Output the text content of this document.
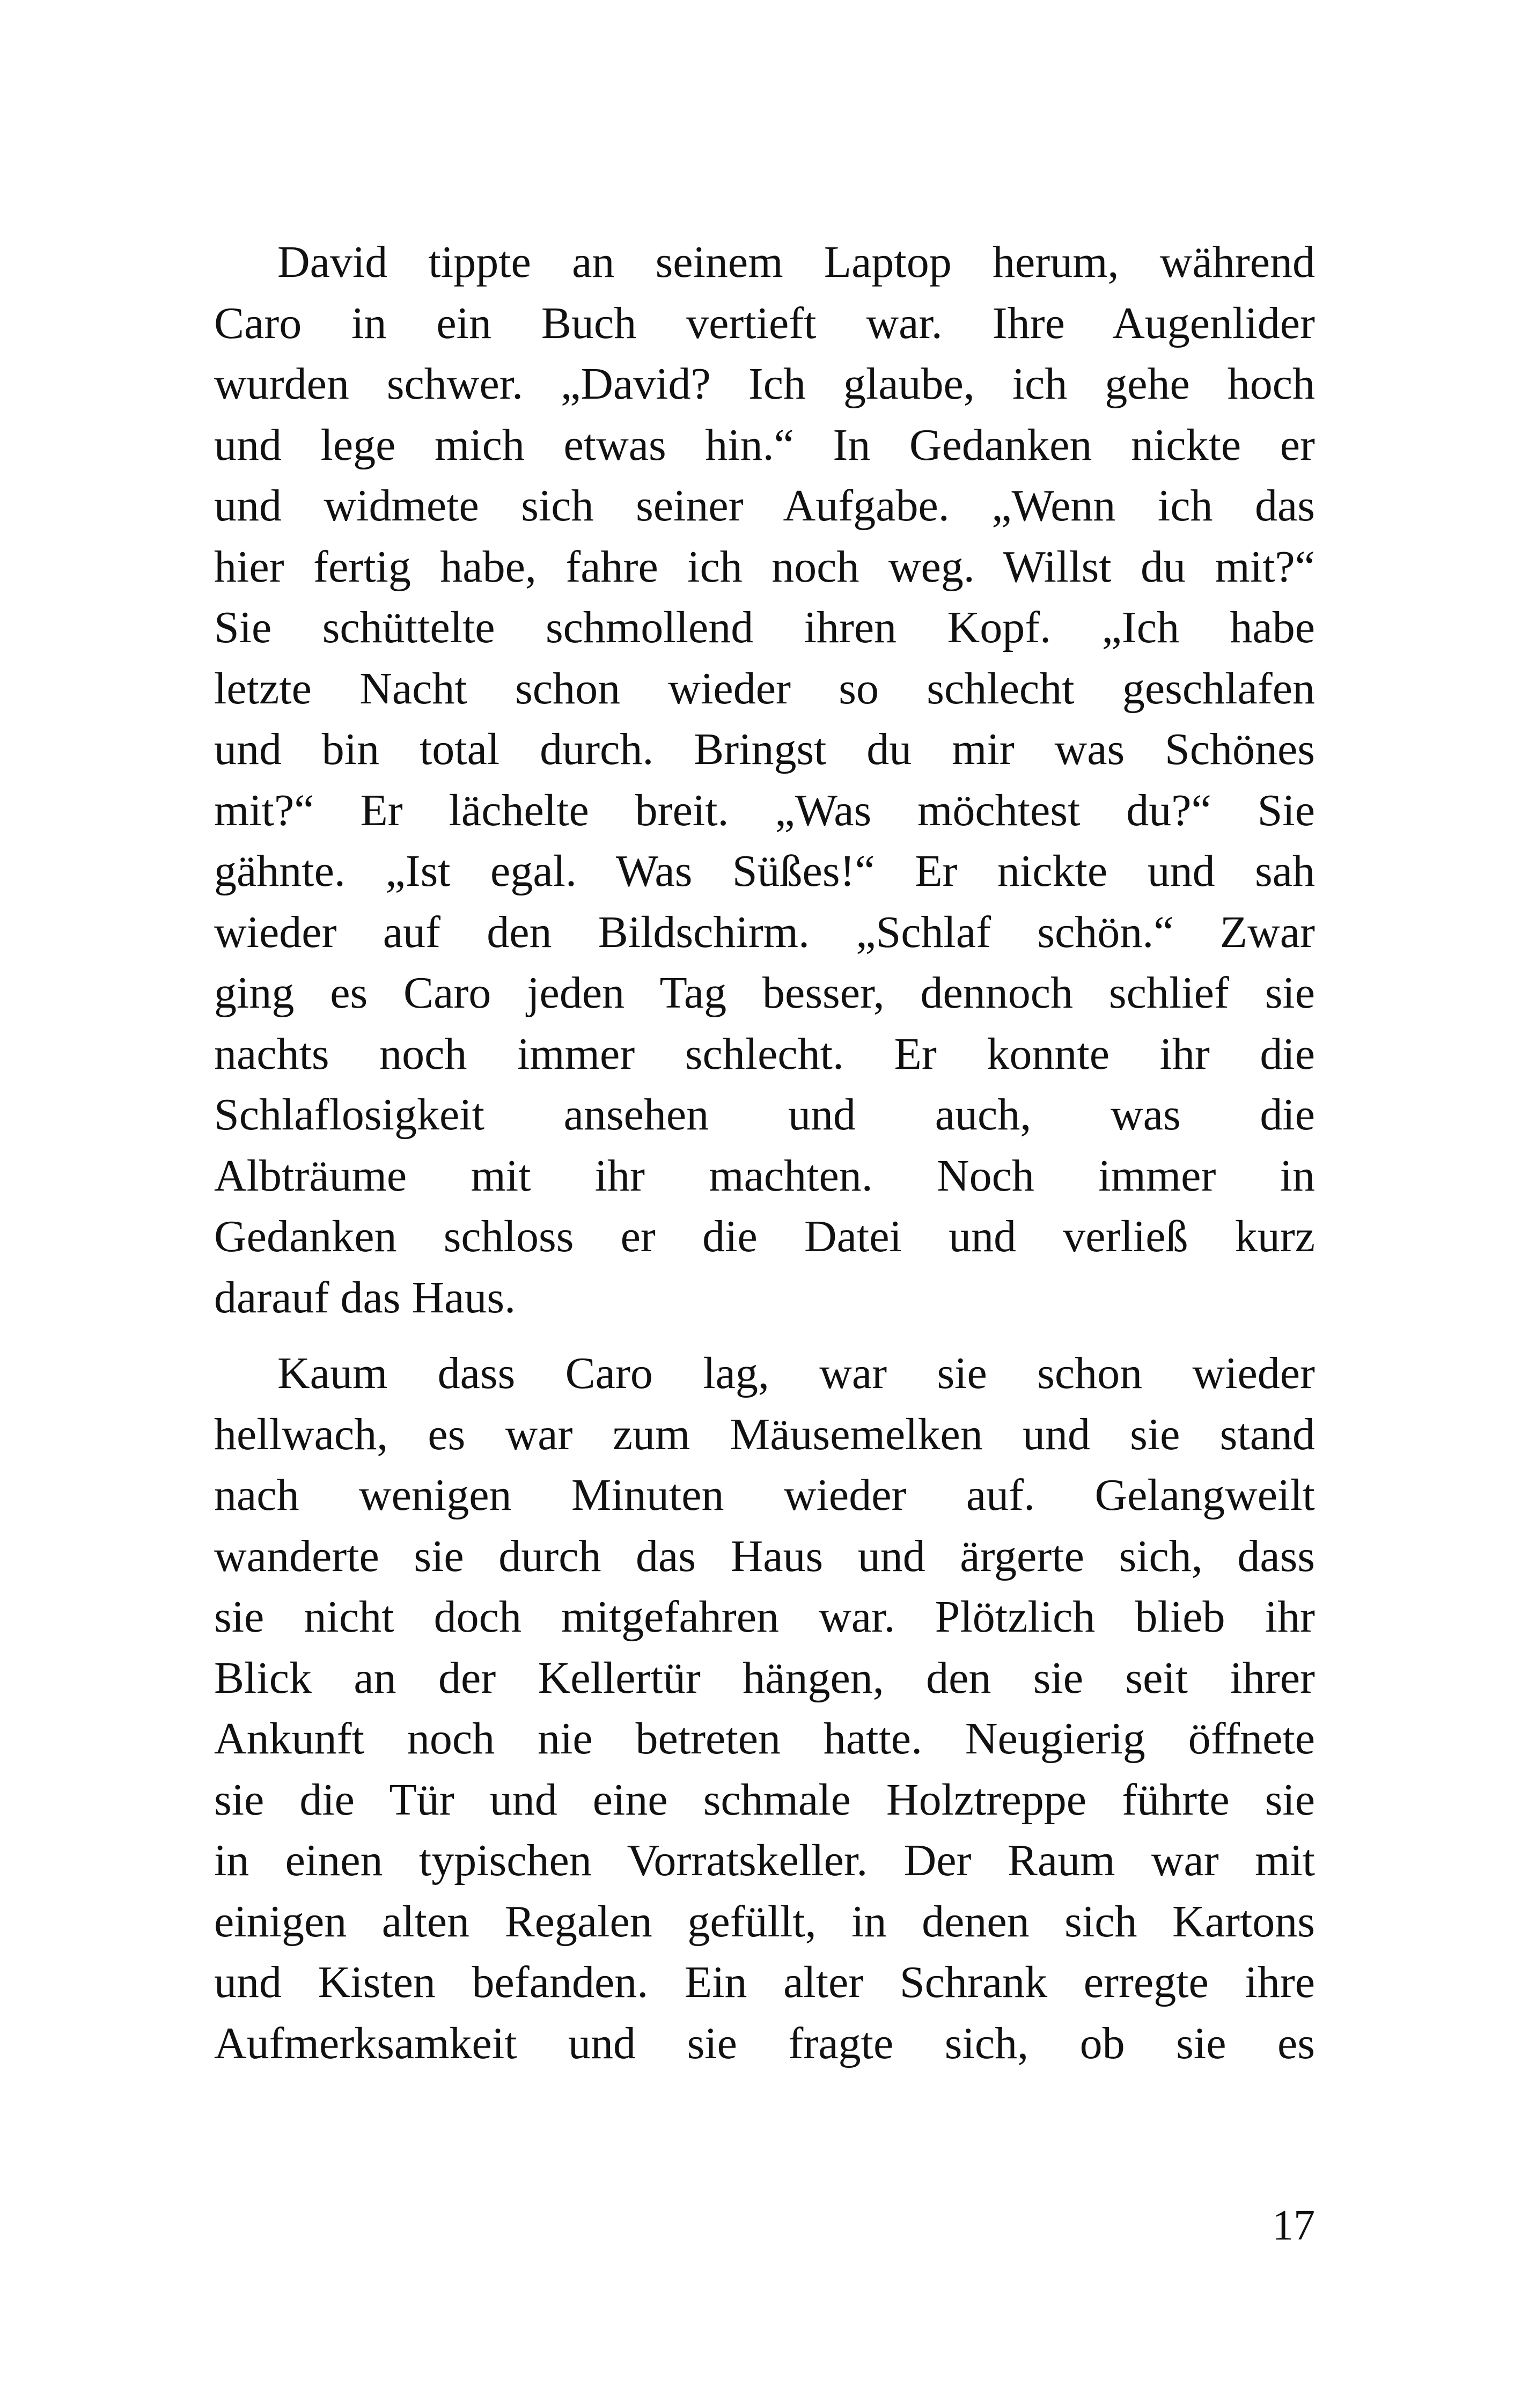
David tippte an seinem Laptop herum, während
Caro in ein Buch vertieft war. Ihre Augenlider
wurden schwer. „David? Ich glaube, ich gehe hoch
und lege mich etwas hin.“ In Gedanken nickte er
und widmete sich seiner Aufgabe. „Wenn ich das
hier fertig habe, fahre ich noch weg. Willst du mit?“
Sie schüttelte schmollend ihren Kopf. „Ich habe
letzte Nacht schon wieder so schlecht geschlafen
und bin total durch. Bringst du mir was Schönes
mit?“ Er lächelte breit. „Was möchtest du?“ Sie
gähnte. „Ist egal. Was Süßes!“ Er nickte und sah
wieder auf den Bildschirm. „Schlaf schön.“ Zwar
ging es Caro jeden Tag besser, dennoch schlief sie
nachts noch immer schlecht. Er konnte ihr die
Schlaflosigkeit ansehen und auch, was die
Albträume mit ihr machten. Noch immer in
Gedanken schloss er die Datei und verließ kurz
darauf das Haus.
Kaum dass Caro lag, war sie schon wieder
hellwach, es war zum Mäusemelken und sie stand
nach wenigen Minuten wieder auf. Gelangweilt
wanderte sie durch das Haus und ärgerte sich, dass
sie nicht doch mitgefahren war. Plötzlich blieb ihr
Blick an der Kellertür hängen, den sie seit ihrer
Ankunft noch nie betreten hatte. Neugierig öffnete
sie die Tür und eine schmale Holztreppe führte sie
in einen typischen Vorratskeller. Der Raum war mit
einigen alten Regalen gefüllt, in denen sich Kartons
und Kisten befanden. Ein alter Schrank erregte ihre
Aufmerksamkeit und sie fragte sich, ob sie es
17
